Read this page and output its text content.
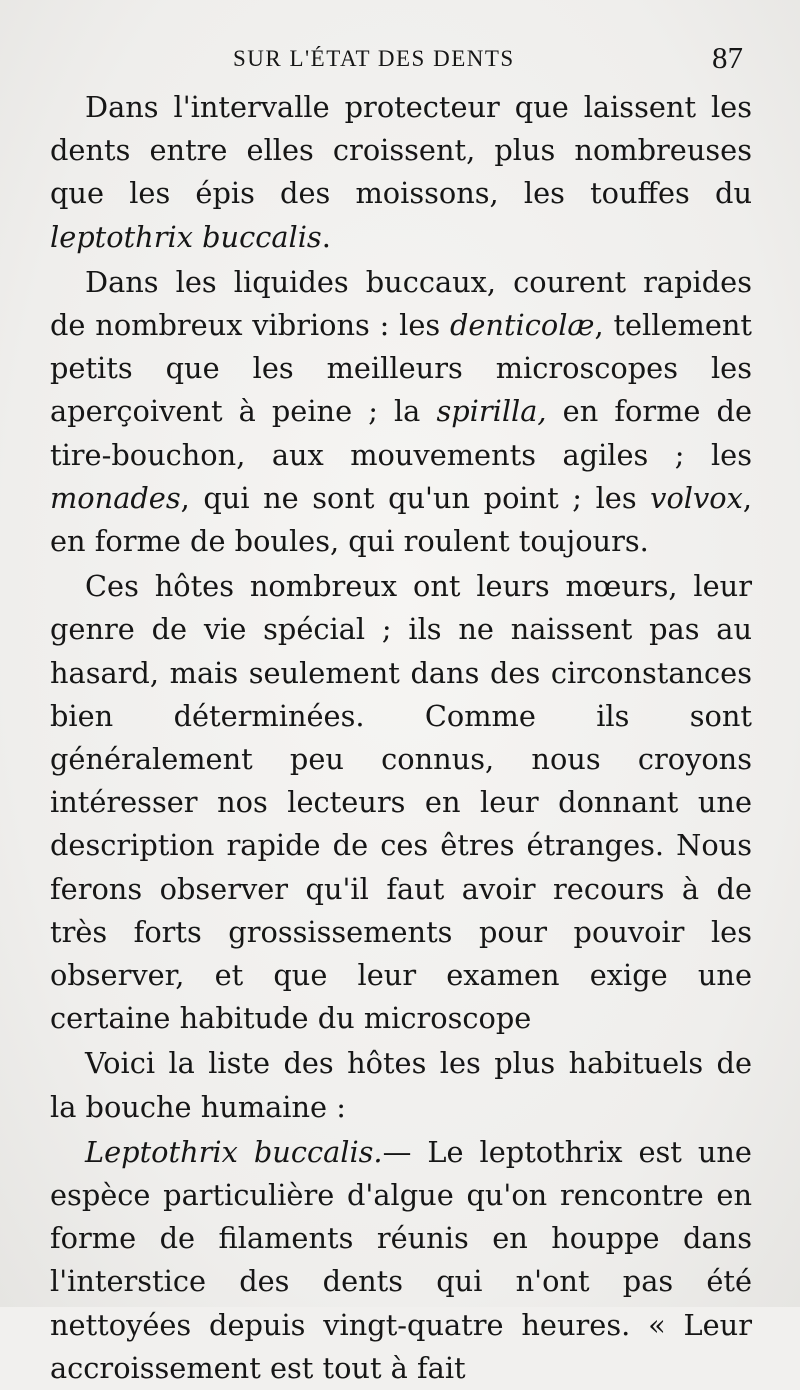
SUR L'ÉTAT DES DENTS	87

Dans l'intervalle protecteur que laissent les dents entre elles croissent, plus nombreuses que les épis des moissons, les touffes du leptothrix buccalis.

Dans les liquides buccaux, courent rapides de nombreux vibrions : les denticolæ, tellement petits que les meilleurs microscopes les aperçoivent à peine ; la spirilla, en forme de tire-bouchon, aux mouvements agiles ; les monades, qui ne sont qu'un point ; les volvox, en forme de boules, qui roulent toujours.

Ces hôtes nombreux ont leurs mœurs, leur genre de vie spécial ; ils ne naissent pas au hasard, mais seulement dans des circonstances bien déterminées. Comme ils sont généralement peu connus, nous croyons intéresser nos lecteurs en leur donnant une description rapide de ces êtres étranges. Nous ferons observer qu'il faut avoir recours à de très forts grossissements pour pouvoir les observer, et que leur examen exige une certaine habitude du microscope

Voici la liste des hôtes les plus habituels de la bouche humaine :

Leptothrix buccalis.— Le leptothrix est une espèce particulière d'algue qu'on rencontre en forme de filaments réunis en houppe dans l'interstice des dents qui n'ont pas été nettoyées depuis vingt-quatre heures. « Leur accroissement est tout à fait
